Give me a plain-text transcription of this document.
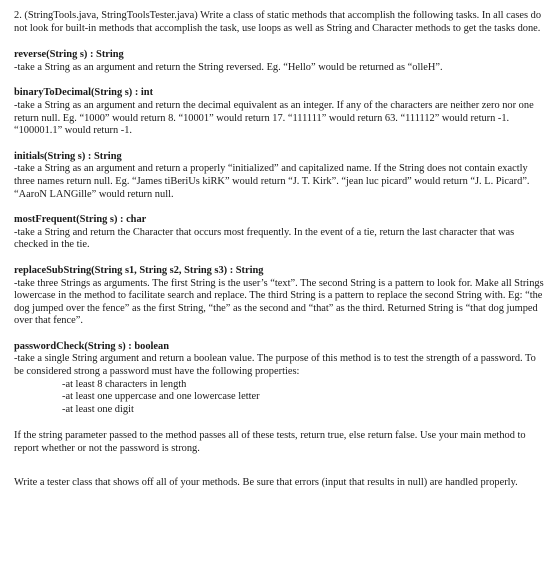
2. (StringTools.java, StringToolsTester.java) Write a class of static methods that accomplish the following tasks. In all cases do not look for built-in methods that accomplish the task, use loops as well as String and Character methods to get the tasks done.

reverse(String s) : String

-take a String as an argument and return the String reversed. Eg. “Hello” would be returned as “olleH”.

binaryToDecimal(String s) : int

-take a String as an argument and return the decimal equivalent as an integer. If any of the characters are neither zero nor one return null. Eg. “1000” would return 8. “10001” would return 17. “111111” would return 63. “111112” would return -1. “100001.1” would return -1.

initials(String s) : String

-take a String as an argument and return a properly “initialized” and capitalized name. If the String does not contain exactly three names return null. Eg. “James tiBeriUs kiRK” would return “J. T. Kirk”. “jean luc picard” would return “J. L. Picard”. “AaroN LANGille” would return null.

mostFrequent(String s) : char

-take a String and return the Character that occurs most frequently. In the event of a tie, return the last character that was checked in the tie.

replaceSubString(String s1, String s2, String s3) : String

-take three Strings as arguments. The first String is the user’s “text”. The second String is a pattern to look for. Make all Strings lowercase in the method to facilitate search and replace. The third String is a pattern to replace the second String with. Eg: “the dog jumped over the fence” as the first String, “the” as the second and “that” as the third. Returned String is “that dog jumped over that fence”.

passwordCheck(String s) : boolean

-take a single String argument and return a boolean value. The purpose of this method is to test the strength of a password. To be considered strong a password must have the following properties:

-at least 8 characters in length

-at least one uppercase and one lowercase letter

-at least one digit

If the string parameter passed to the method passes all of these tests, return true, else return false. Use your main method to report whether or not the password is strong.

Write a tester class that shows off all of your methods. Be sure that errors (input that results in null) are handled properly.
